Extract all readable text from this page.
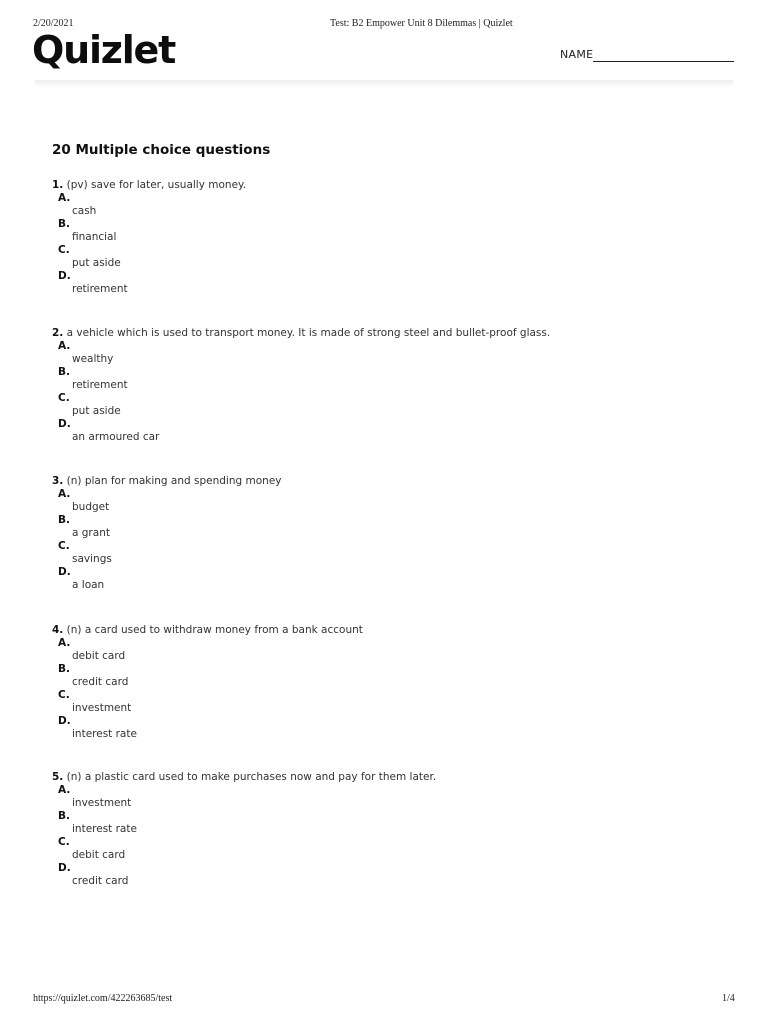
2/20/2021	Test: B2 Empower Unit 8 Dilemmas | Quizlet
Quizlet	NAME
20 Multiple choice questions
1. (pv) save for later, usually money.
A.
cash
B.
financial
C.
put aside
D.
retirement
2. a vehicle which is used to transport money. It is made of strong steel and bullet-proof glass.
A.
wealthy
B.
retirement
C.
put aside
D.
an armoured car
3. (n) plan for making and spending money
A.
budget
B.
a grant
C.
savings
D.
a loan
4. (n) a card used to withdraw money from a bank account
A.
debit card
B.
credit card
C.
investment
D.
interest rate
5. (n) a plastic card used to make purchases now and pay for them later.
A.
investment
B.
interest rate
C.
debit card
D.
credit card
https://quizlet.com/422263685/test	1/4
